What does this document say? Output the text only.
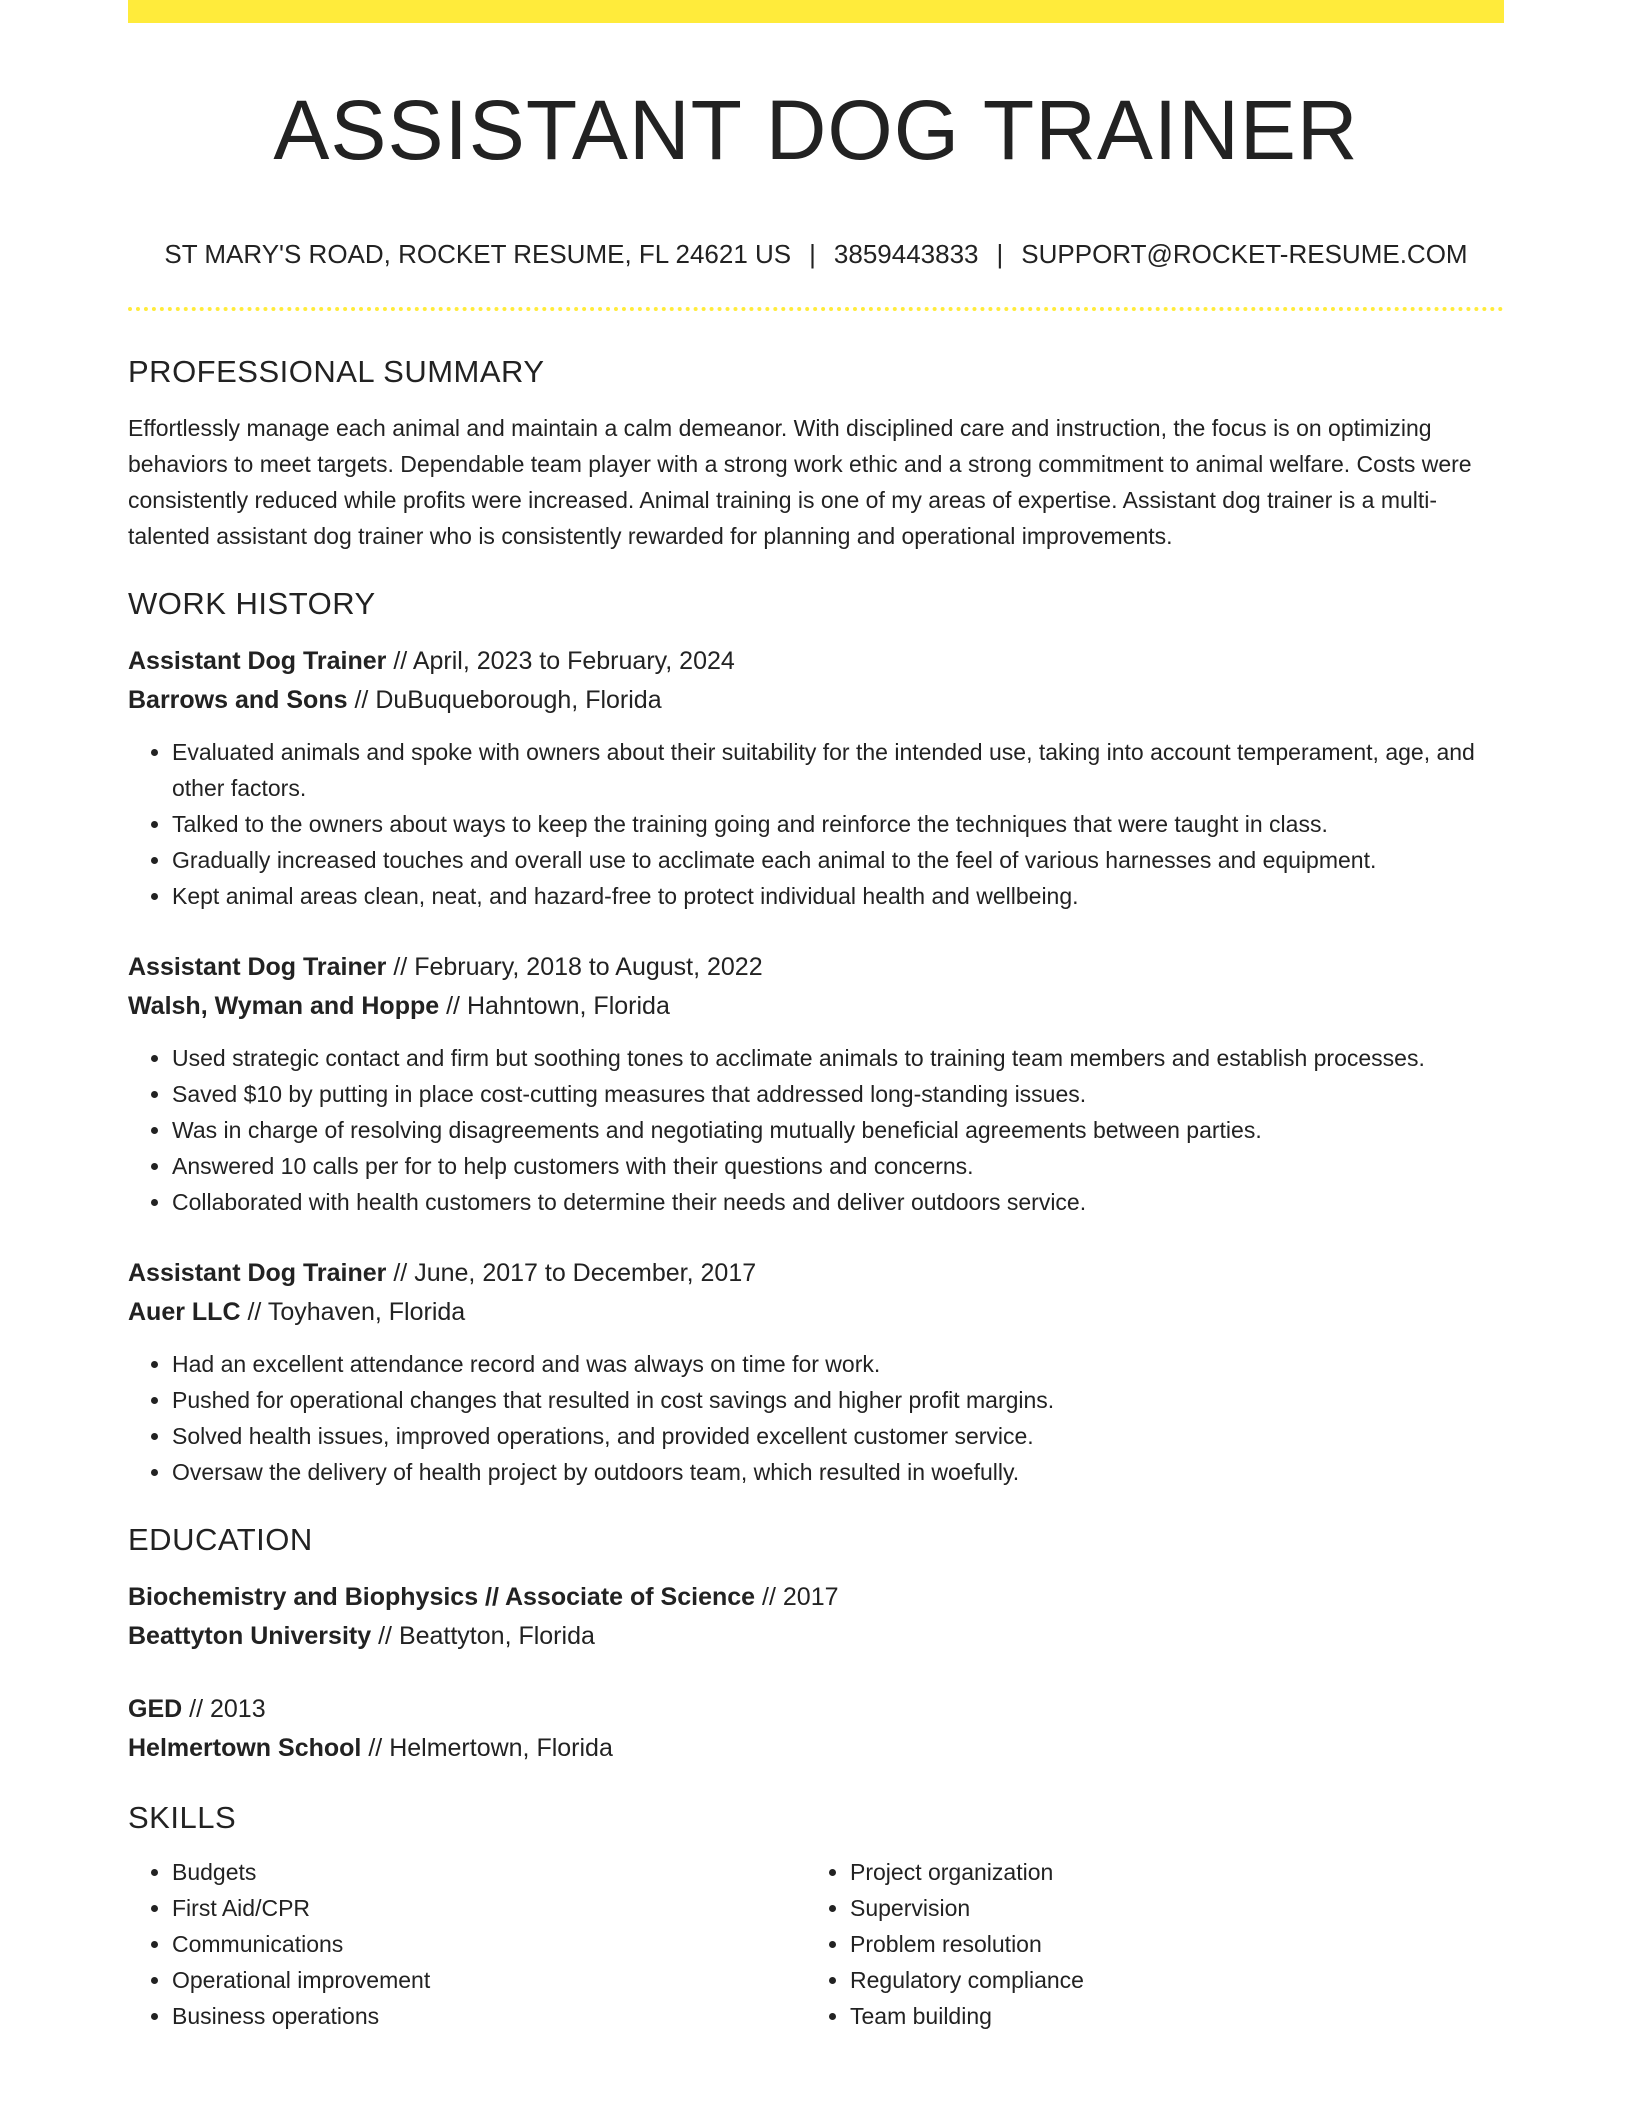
ASSISTANT DOG TRAINER
ST MARY'S ROAD, ROCKET RESUME, FL 24621 US | 3859443833 | SUPPORT@ROCKET-RESUME.COM
PROFESSIONAL SUMMARY

Effortlessly manage each animal and maintain a calm demeanor. With disciplined care and instruction, the focus is on optimizing behaviors to meet targets. Dependable team player with a strong work ethic and a strong commitment to animal welfare. Costs were consistently reduced while profits were increased. Animal training is one of my areas of expertise. Assistant dog trainer is a multi-talented assistant dog trainer who is consistently rewarded for planning and operational improvements.

WORK HISTORY
Assistant Dog Trainer // April, 2023 to February, 2024
Barrows and Sons // DuBuqueborough, Florida
• Evaluated animals and spoke with owners about their suitability for the intended use, taking into account temperament, age, and other factors.
• Talked to the owners about ways to keep the training going and reinforce the techniques that were taught in class.
• Gradually increased touches and overall use to acclimate each animal to the feel of various harnesses and equipment.
• Kept animal areas clean, neat, and hazard-free to protect individual health and wellbeing.
Assistant Dog Trainer // February, 2018 to August, 2022
Walsh, Wyman and Hoppe // Hahntown, Florida
• Used strategic contact and firm but soothing tones to acclimate animals to training team members and establish processes.
• Saved $10 by putting in place cost-cutting measures that addressed long-standing issues.
• Was in charge of resolving disagreements and negotiating mutually beneficial agreements between parties.
• Answered 10 calls per for to help customers with their questions and concerns.
• Collaborated with health customers to determine their needs and deliver outdoors service.
Assistant Dog Trainer // June, 2017 to December, 2017
Auer LLC // Toyhaven, Florida
• Had an excellent attendance record and was always on time for work.
• Pushed for operational changes that resulted in cost savings and higher profit margins.
• Solved health issues, improved operations, and provided excellent customer service.
• Oversaw the delivery of health project by outdoors team, which resulted in woefully.
EDUCATION
Biochemistry and Biophysics // Associate of Science // 2017
Beattyton University // Beattyton, Florida
GED // 2013
Helmertown School // Helmertown, Florida
SKILLS
• Budgets
• First Aid/CPR
• Communications
• Operational improvement
• Business operations
• Project organization
• Supervision
• Problem resolution
• Regulatory compliance
• Team building
